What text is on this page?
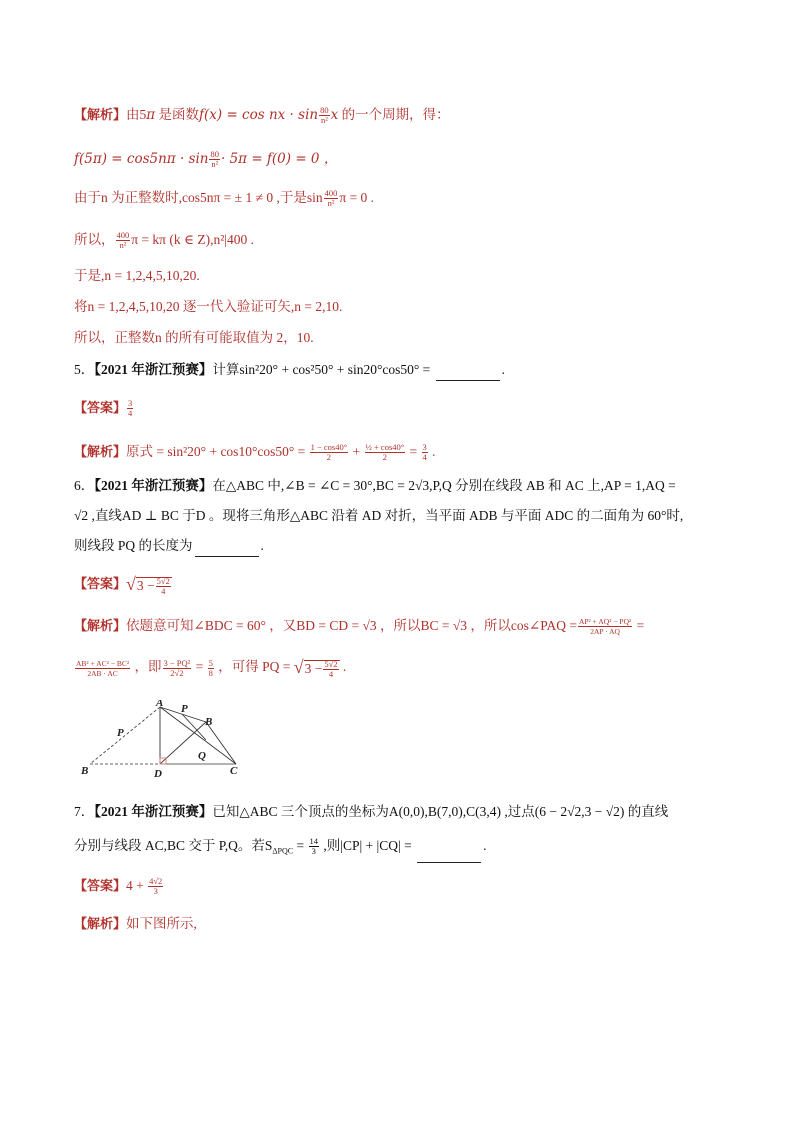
【解析】由5π 是函数f(x) = cos nx · $\sin \frac{80}{\text{n²}}$ x 的一个周期，得：
$f(5\pi) = \cos 5n\pi \cdot \sin \frac{80}{\text{n²}} \cdot 5\pi = f(0) = 0$ ，
由于n 为正整数时,cos5nπ = ± 1 ≠ 0 ,于是$\sin \frac{400}{\text{n²}}$ π = 0 .
所以， $\frac{400}{\text{n²}}$ π = kπ (k ∈ Z),n²|400 .
于是,n = 1,2,4,5,10,20.
将n = 1,2,4,5,10,20 逐一代入验证可矢,n = 2,10.
所以，正整数n 的所有可能取值为 2，10.
5．【2021 年浙江预赛】计算sin²20° + cos²50° + sin20°cos50° =	.
【答案】 $\frac{3}{4}$
【解析】原式 = $\sin^220^\circ + \cos 10^\circ\cos 50^\circ = \frac{1 - \cos 40^\circ}{2} + \frac{\text{½ + cos40°}}{2} = \frac{3}{4}$ .
6．【2021 年浙江预赛】在△ABC 中,∠B = ∠C = 30°,BC = 2√3,P,Q 分别在线段 AB 和 AC 上,AP = 1,AQ =
√2 ,直线AD ⊥ BC 于D 。现将三角形△ABC 沿着 AD 对折，当平面 ADB 与平面 ADC 的二面角为 60°时,
则线段 PQ 的长度为	.
【答案】$√3 - \frac{5√2}{4}$
【解析】依题意可知∠BDC = 60° ，又BD = CD = √3 ，所以BC = √3 ，所以cos∠PAQ = $\frac{\text{AP² + AQ² − PQ²}}{2AP \cdot AQ}$ =
$\frac{\text{AB² + AC² − BC²}}{2AB \cdot AC}$ ，即 $\frac{\text{3 − PQ²}}{2√2} = \frac{5}{8}$ ，可得 PQ = $√3 - \frac{5√2}{4}$ .
A P
B
P
Q
B	D	C
7．【2021 年浙江预赛】已知△ABC 三个顶点的坐标为A(0,0),B(7,0),C(3,4) ,过点(6 − 2√2,3 − √2) 的直线
分别与线段 AC,BC 交于 P,Q。若$S_{\Delta PQC} = \frac{14}{3}$ ,则|CP| + |CQ| =	.
【答案】$4 + \frac{4√2}{3}$
【解析】如下图所示,
